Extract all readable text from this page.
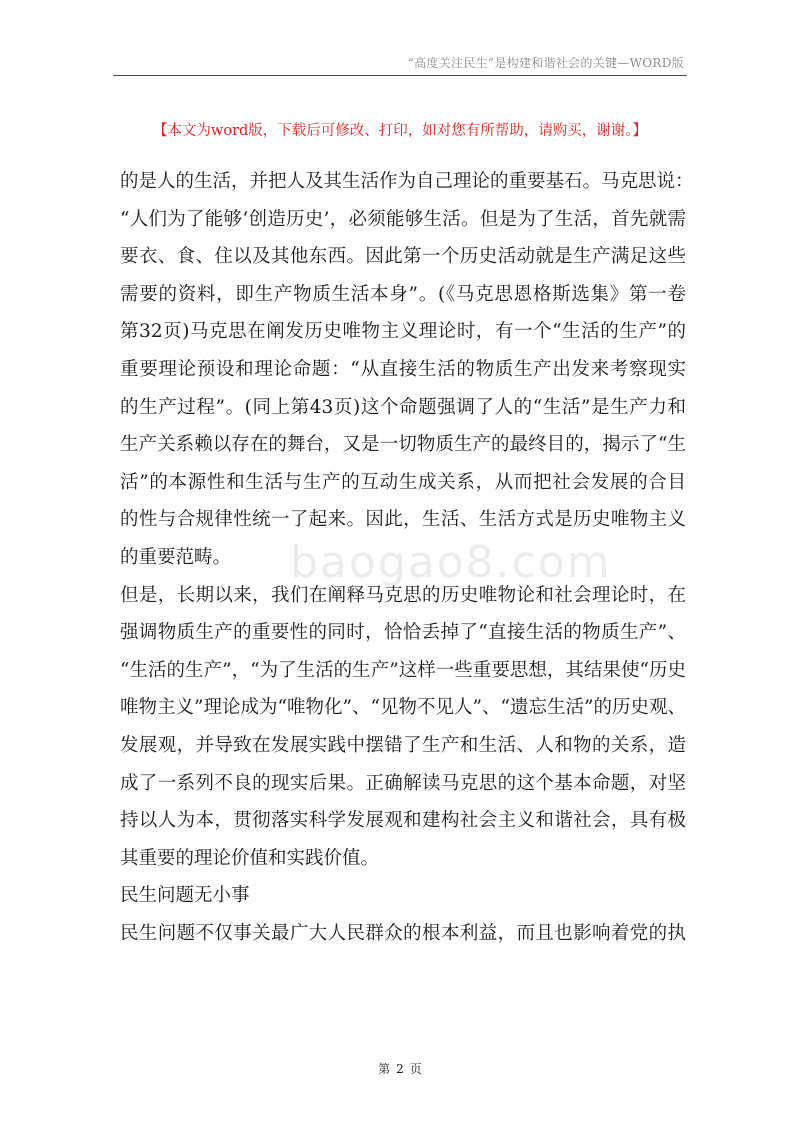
“高度关注民生”是构建和谐社会的关键—WORD版
【本文为word版，下载后可修改、打印，如对您有所帮助，请购买，谢谢。】
的是人的生活，并把人及其生活作为自己理论的重要基石。马克思说：
“人们为了能够‘创造历史’，必须能够生活。但是为了生活，首先就需
要衣、食、住以及其他东西。因此第一个历史活动就是生产满足这些
需要的资料，即生产物质生活本身”。(《马克思恩格斯选集》第一卷
第32页)马克思在阐发历史唯物主义理论时，有一个“生活的生产”的
重要理论预设和理论命题：“从直接生活的物质生产出发来考察现实
的生产过程”。(同上第43页)这个命题强调了人的“生活”是生产力和
生产关系赖以存在的舞台，又是一切物质生产的最终目的，揭示了“生
活”的本源性和生活与生产的互动生成关系，从而把社会发展的合目
的性与合规律性统一了起来。因此，生活、生活方式是历史唯物主义
的重要范畴。
但是，长期以来，我们在阐释马克思的历史唯物论和社会理论时，在
强调物质生产的重要性的同时，恰恰丢掉了“直接生活的物质生产”、
“生活的生产”，“为了生活的生产”这样一些重要思想，其结果使“历史
唯物主义”理论成为“唯物化”、“见物不见人”、“遗忘生活”的历史观、
发展观，并导致在发展实践中摆错了生产和生活、人和物的关系，造
成了一系列不良的现实后果。正确解读马克思的这个基本命题，对坚
持以人为本，贯彻落实科学发展观和建构社会主义和谐社会，具有极
其重要的理论价值和实践价值。
民生问题无小事
民生问题不仅事关最广大人民群众的根本利益，而且也影响着党的执
baogao8.com
第 2 页
